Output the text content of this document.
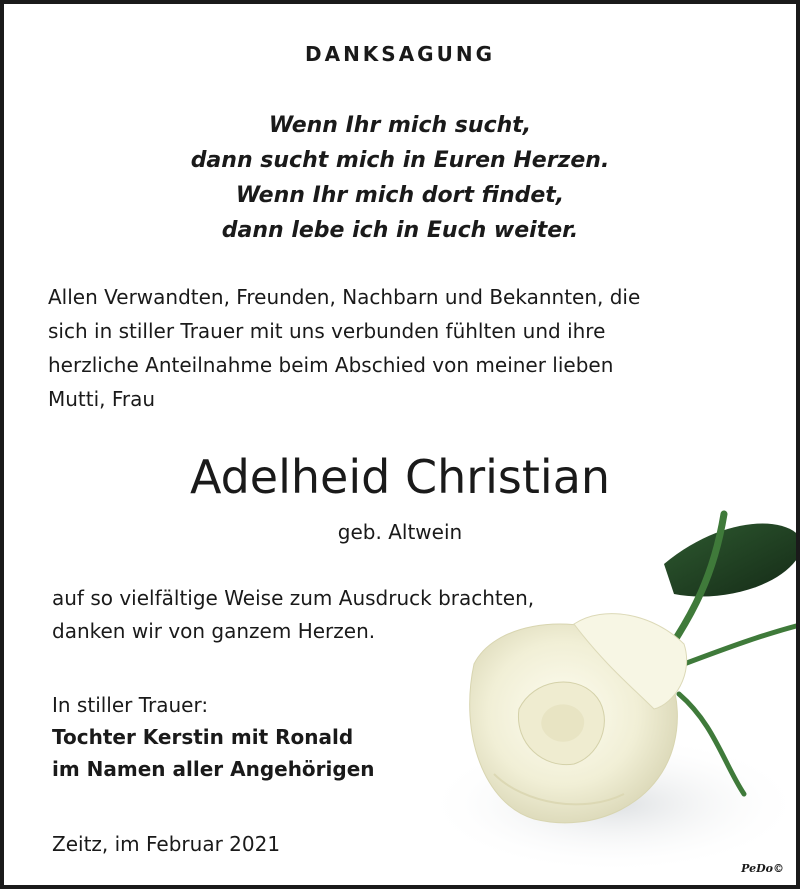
DANKSAGUNG
Wenn Ihr mich sucht,
dann sucht mich in Euren Herzen.
Wenn Ihr mich dort findet,
dann lebe ich in Euch weiter.
Allen Verwandten, Freunden, Nachbarn und Bekannten, die
sich in stiller Trauer mit uns verbunden fühlten und ihre
herzliche Anteilnahme beim Abschied von meiner lieben
Mutti, Frau
Adelheid Christian
geb. Altwein
auf so vielfältige Weise zum Ausdruck brachten,
danken wir von ganzem Herzen.
In stiller Trauer:
Tochter Kerstin mit Ronald
im Namen aller Angehörigen
Zeitz, im Februar 2021
PeDo©
